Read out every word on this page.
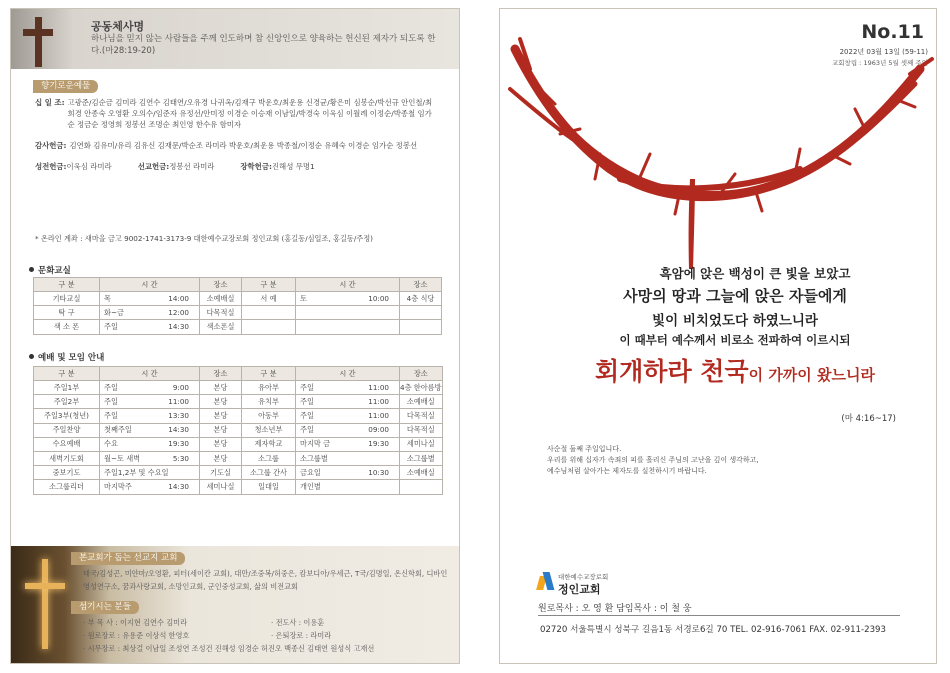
공동체사명
하나님을 믿지 않는 사람들을 주께 인도하며 참 신앙인으로 양육하는 헌신된 제자가 되도록 한다.(마28:19-20)
향기로운예물
십 일 조: 고광준/김순금 김미라 김연수 김태연/오유경 나귀옥/김재구 박운호/최운용 신경균/황은미 심봉순/박선규 안인철/최희경 안종숙 오영환 오의수/임준자 유정선/안미정 이경순 이승재 이남일/박경숙 이욱심 이월례 이정순/박종철 임가순 정금순 정영희 정봉선 조명순 최인영 한수유 함미자
감사헌금: 김연화 김유미/유리 김유신 김재문/박순조 라미라 박운호/최운용 박종철/이정순 유혜숙 이경순 임가순 정봉선
성전헌금:이욱심 라미라	선교헌금:정봉선 라미라	장학헌금:진해성 무명1
* 온라인 계좌 : 새마을 금고 9002-1741-3173-9 대한예수교장로회 정인교회 (홍길동/심일조, 홍길동/주정)
문화교실
구 분	시 간	장소	구 분	시 간	장소
기타교실	목 14:00	소예배실	서 예	토 10:00	4층 식당
탁 구	화~금 12:00	다목적실		

색 소 폰	주일 14:30	색소폰실		

예배 및 모임 안내
구 분	시 간	장소	구 분	시 간	장소
주일1부	주일 9:00	본당	유아부	주일 11:00	4층 한아름방
주일2부	주일 11:00	본당	유치부	주일 11:00	소예배실
주일3부(청년)	주일 13:30	본당	아동부	주일 11:00	다목적실
주일찬양	첫째주일 14:30	본당	청소년부	주일 09:00	다목적실
수요예배	수요 19:30	본당	제자학교	마지막 금 19:30	세미나실
새벽기도회	월~토 새벽 5:30	본당	소그룹	소그룹별	소그룹별
중보기도	주일1,2부 및 수요일	기도실	소그룹 간사	금요일 10:30	소예배실
소그룹리더	마지막주 14:30	세미나실	일대일	개인별

본교회가 돕는 선교지 교회
태국/김성곤, 미얀마/오영환, 피터(세이칸 교회), 대만/조중복/허중은, 캄보디아/우세근, T국/김명일, 온신학회, 디바인 영성연구소, 꿈과사랑교회, 소망인교회, 군인중성교회, 삶의 비전교회
섬기시는 분들
· 부 목 사 : 이지현 김연수 김미라	· 전도사 : 이용훈
· 원로장로 : 유용준 이상석 한영호	· 은퇴장로 : 라미라
· 시무장로 : 최상걸 이남일 조성연 조성건 진해성 임경순 허진오 백종신 김태연 원성식 고재선
No.11
2022년 03월 13일 (59-11)
교회창립 : 1963년 5월 셋째 주일
흑암에 앉은 백성이 큰 빛을 보았고
사망의 땅과 그늘에 앉은 자들에게
빛이 비치었도다 하였느니라
이 때부터 예수께서 비로소 전파하여 이르시되
회개하라 천국이 가까이 왔느니라
(마 4:16~17)
사순절 둘째 주일입니다.
우리를 위해 십자가 속죄의 피를 흘리신 주님의 고난을 깊이 생각하고,
예수님처럼 살아가는 제자도를 실천하시기 바랍니다.
대한예수교장로회
정인교회
원로목사 : 오 영 환 담임목사 : 이 철 웅
02720 서울특별시 성북구 길음1동 서경로6길 70 TEL. 02-916-7061 FAX. 02-911-2393
